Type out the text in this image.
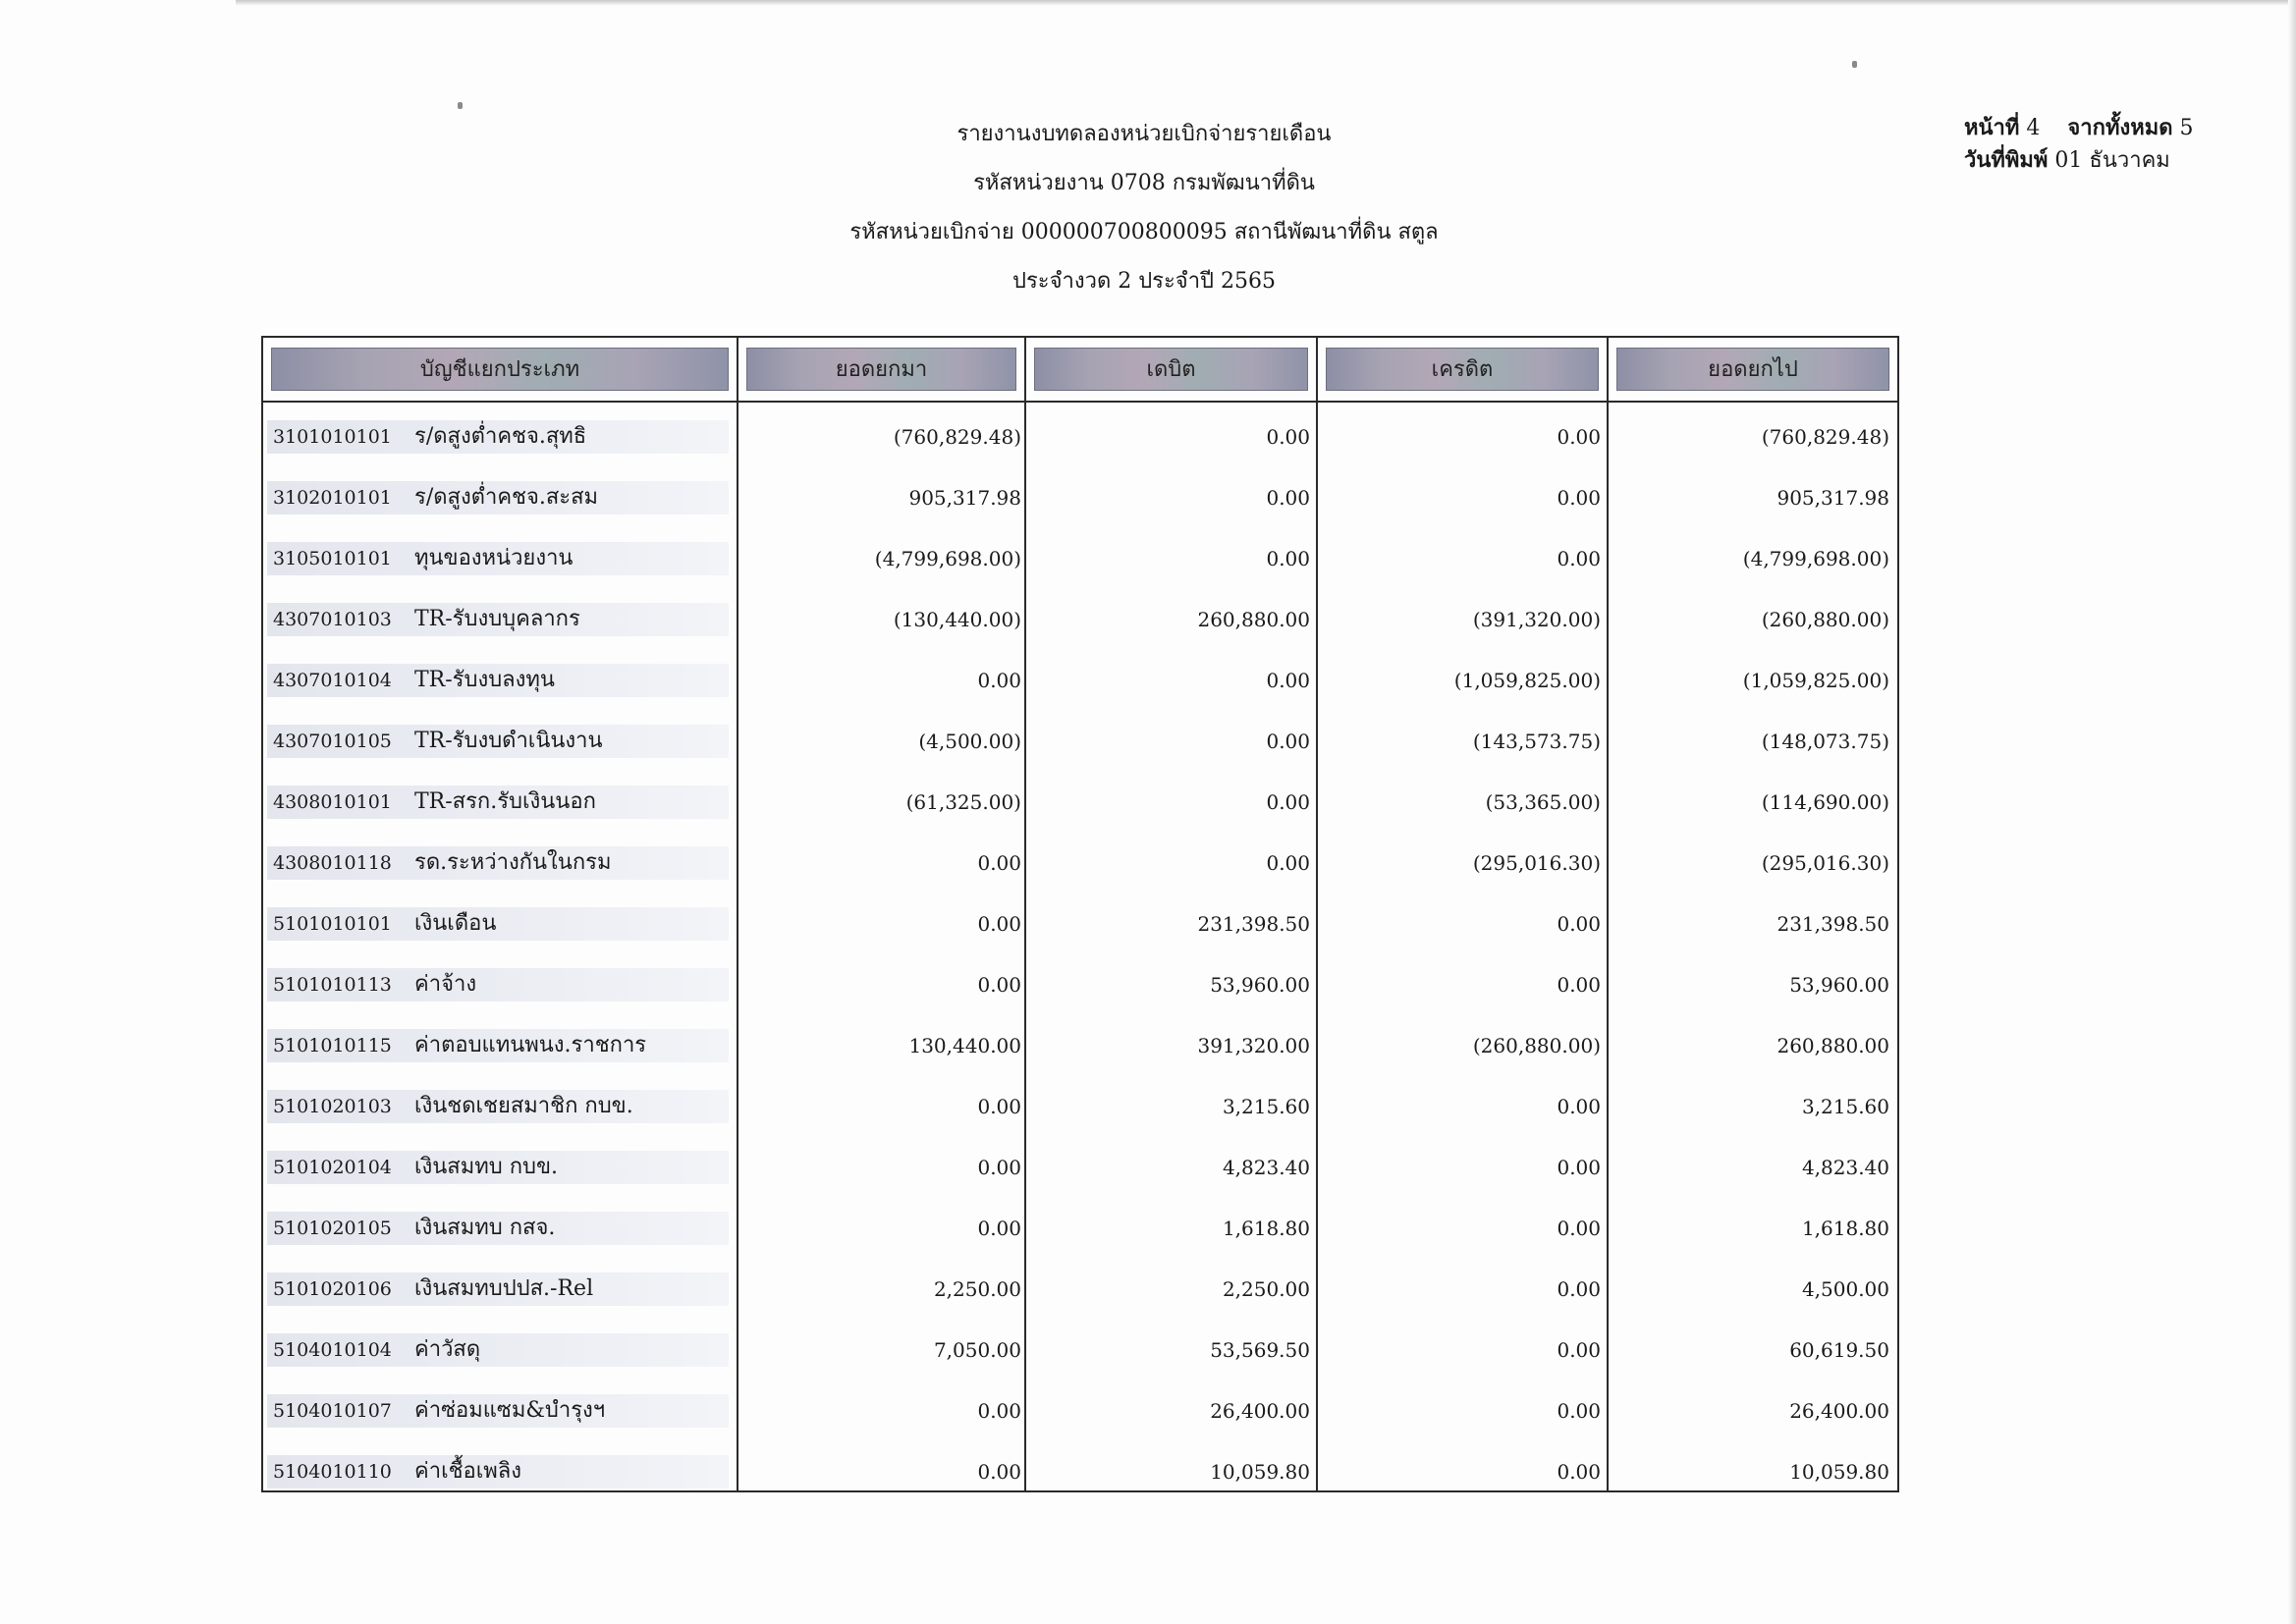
รายงานงบทดลองหน่วยเบิกจ่ายรายเดือน
รหัสหน่วยงาน 0708 กรมพัฒนาที่ดิน
รหัสหน่วยเบิกจ่าย 000000700800095 สถานีพัฒนาที่ดิน สตูล
ประจำงวด 2 ประจำปี 2565
หน้าที่ 4 จากทั้งหมด 5
วันที่พิมพ์ 01 ธันวาคม
บัญชีแยกประเภท	ยอดยกมา	เดบิต	เครดิต	ยอดยกไป
3101010101 ร/ดสูงต่ำคชจ.สุทธิ	(760,829.48)	0.00	0.00	(760,829.48)
3102010101 ร/ดสูงต่ำคชจ.สะสม	905,317.98	0.00	0.00	905,317.98
3105010101 ทุนของหน่วยงาน	(4,799,698.00)	0.00	0.00	(4,799,698.00)
4307010103 TR-รับงบบุคลากร	(130,440.00)	260,880.00	(391,320.00)	(260,880.00)
4307010104 TR-รับงบลงทุน	0.00	0.00	(1,059,825.00)	(1,059,825.00)
4307010105 TR-รับงบดำเนินงาน	(4,500.00)	0.00	(143,573.75)	(148,073.75)
4308010101 TR-สรก.รับเงินนอก	(61,325.00)	0.00	(53,365.00)	(114,690.00)
4308010118 รด.ระหว่างกันในกรม	0.00	0.00	(295,016.30)	(295,016.30)
5101010101 เงินเดือน	0.00	231,398.50	0.00	231,398.50
5101010113 ค่าจ้าง	0.00	53,960.00	0.00	53,960.00
5101010115 ค่าตอบแทนพนง.ราชการ	130,440.00	391,320.00	(260,880.00)	260,880.00
5101020103 เงินชดเชยสมาชิก กบข.	0.00	3,215.60	0.00	3,215.60
5101020104 เงินสมทบ กบข.	0.00	4,823.40	0.00	4,823.40
5101020105 เงินสมทบ กสจ.	0.00	1,618.80	0.00	1,618.80
5101020106 เงินสมทบปปส.-Rel	2,250.00	2,250.00	0.00	4,500.00
5104010104 ค่าวัสดุ	7,050.00	53,569.50	0.00	60,619.50
5104010107 ค่าซ่อมแซม&บำรุงฯ	0.00	26,400.00	0.00	26,400.00
5104010110 ค่าเชื้อเพลิง	0.00	10,059.80	0.00	10,059.80
